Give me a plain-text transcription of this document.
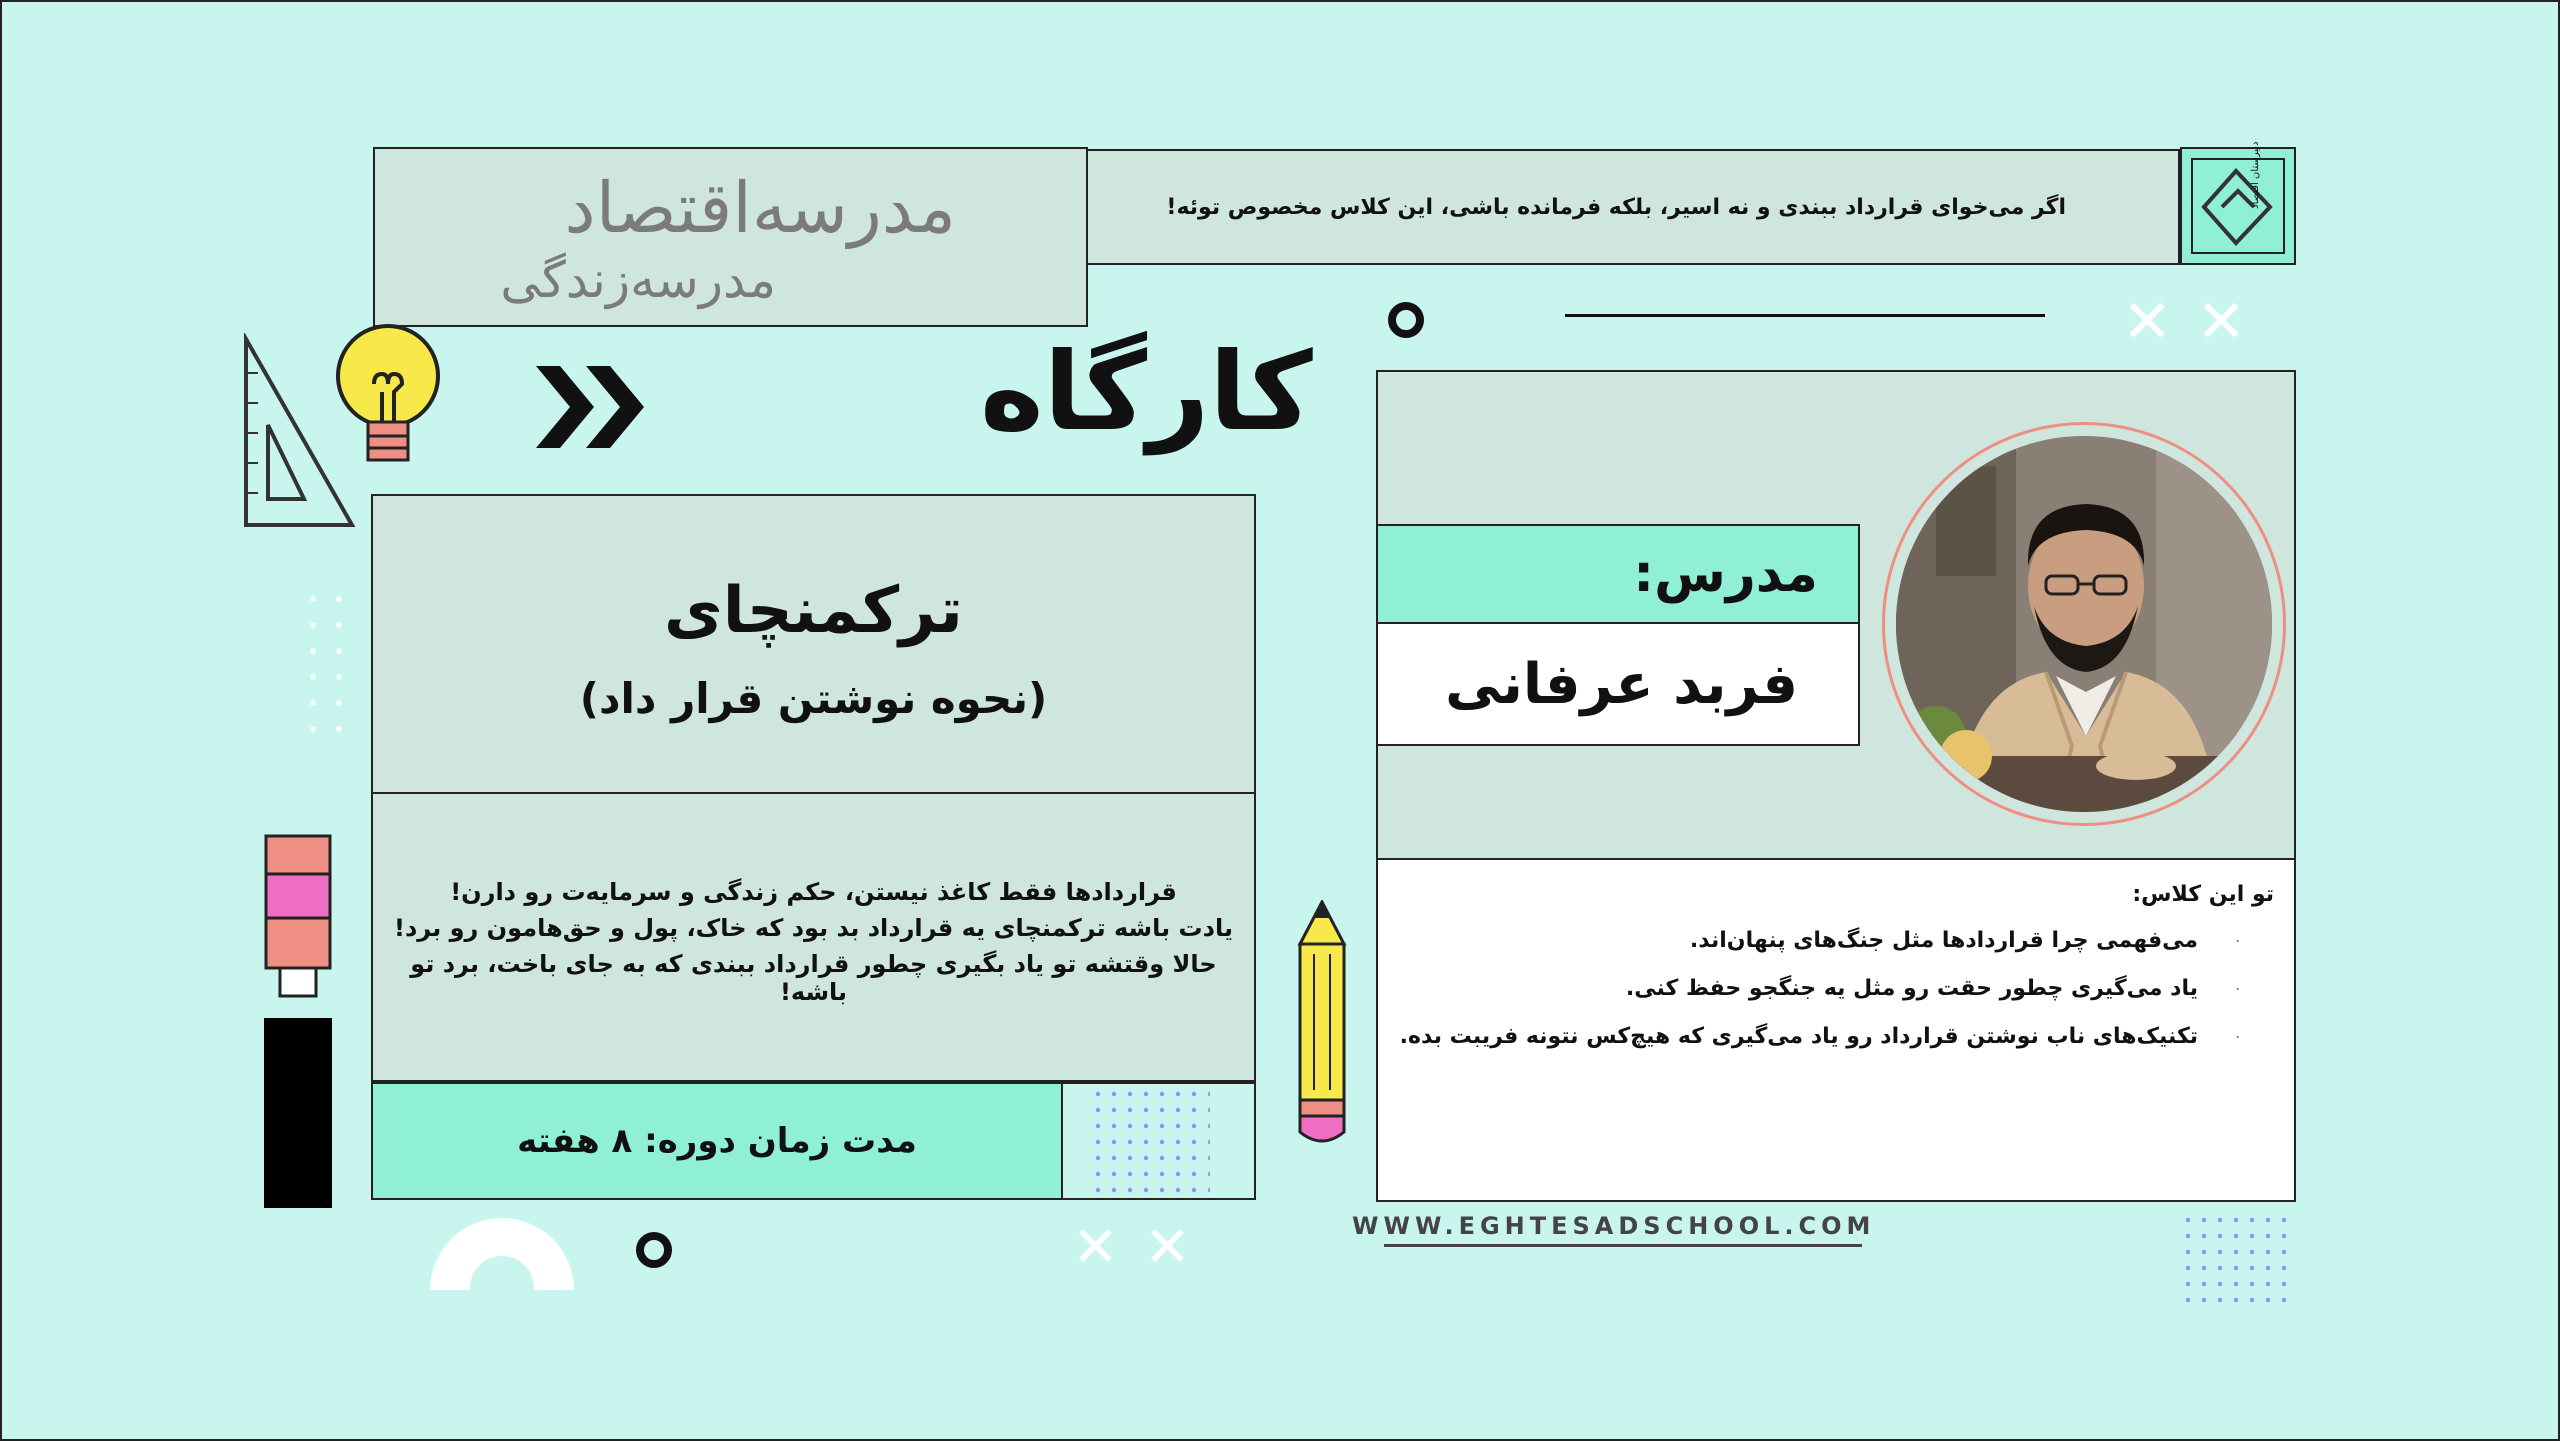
مدرسه‌اقتصاد
مدرسه‌زندگی
اگر می‌خوای قرارداد ببندی و نه اسیر، بلکه فرمانده باشی، این کلاس مخصوص توئه!	دبیرستان اقتصاد
✕ ✕
کارگاه
ترکمنچای
(نحوه نوشتن قرار داد)
قراردادها فقط کاغذ نیستن، حکم زندگی و سرمایه‌ت رو دارن!
یادت باشه ترکمنچای یه قرارداد بد بود که خاک، پول و حق‌هامون رو برد!
حالا وقتشه تو یاد بگیری چطور قرارداد ببندی که به جای باخت، برد تو باشه!
مدت زمان دوره: ۸ هفته
✕ ✕
مدرس:
فربد عرفانی
تو این کلاس:
·
می‌فهمی چرا قراردادها مثل جنگ‌های پنهان‌اند.
·
یاد می‌گیری چطور حقت رو مثل یه جنگجو حفظ کنی.
·
تکنیک‌های ناب نوشتن قرارداد رو یاد می‌گیری که هیچ‌کس نتونه فریبت بده.
WWW.EGHTESADSCHOOL.COM
